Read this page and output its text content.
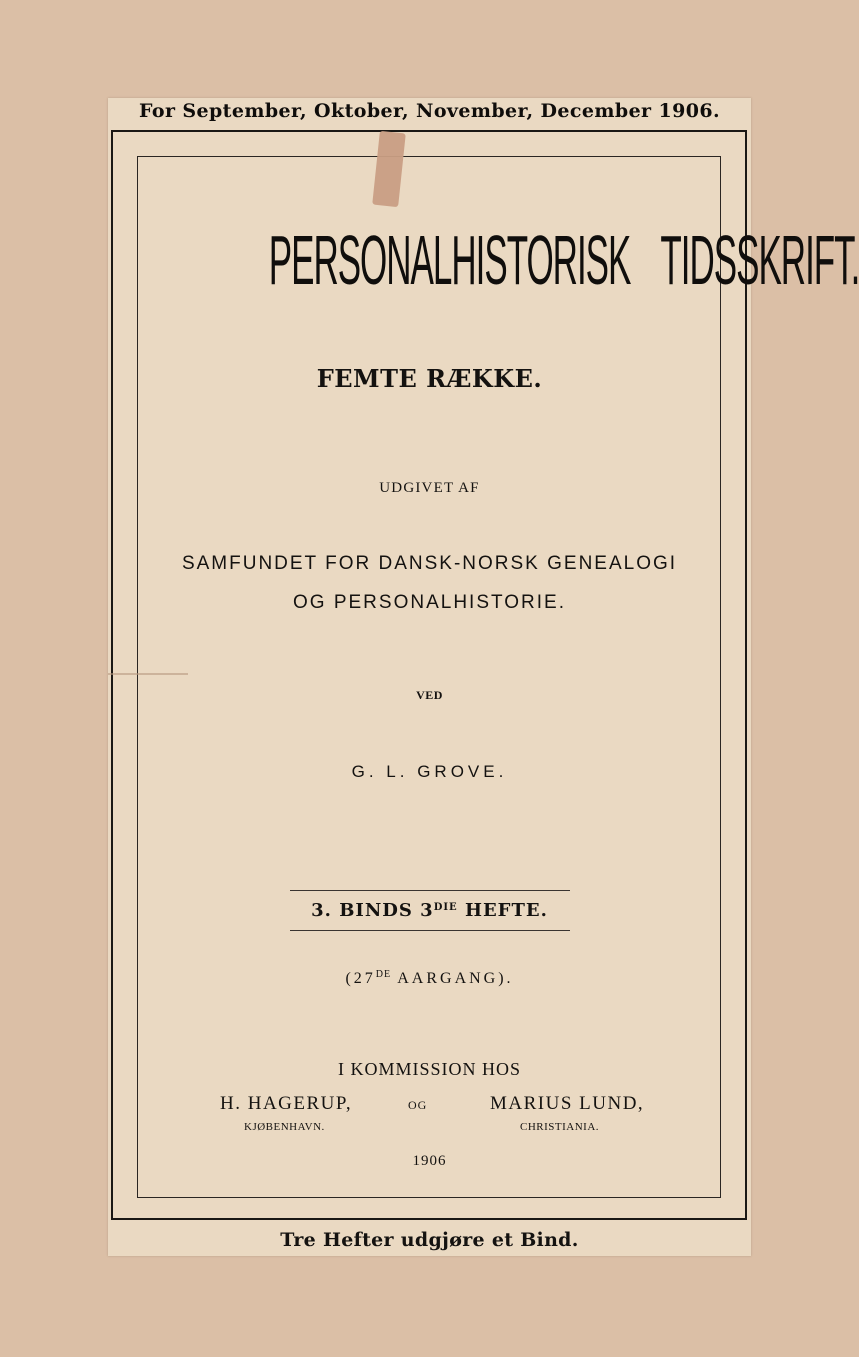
For September, Oktober, November, December 1906.
PERSONALHISTORISK TIDSSKRIFT.
FEMTE RÆKKE.
UDGIVET AF
SAMFUNDET FOR DANSK-NORSK GENEALOGI
OG PERSONALHISTORIE.
VED
G. L. GROVE.
3. BINDS $3^{DIE}$ HEFTE.
(27DE AARGANG).
I KOMMISSION HOS
H. HAGERUP,	OG	MARIUS LUND,
KJØBENHAVN.	CHRISTIANIA.
1906
Tre Hefter udgjøre et Bind.
